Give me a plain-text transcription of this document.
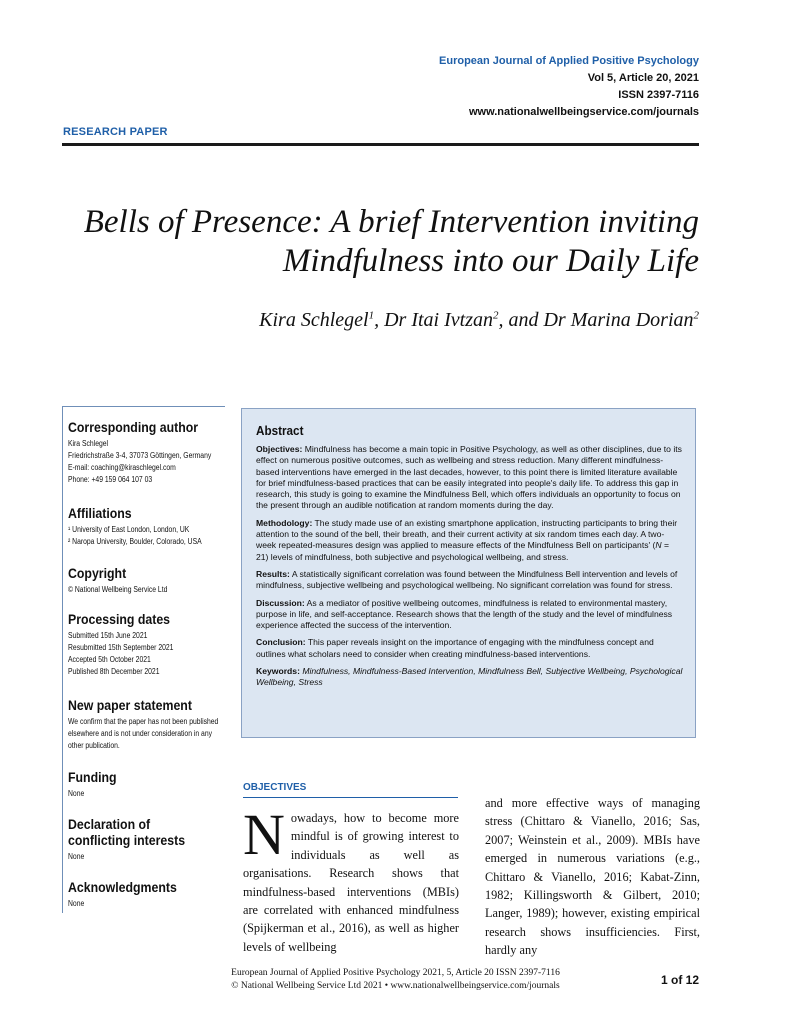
European Journal of Applied Positive Psychology
Vol 5, Article 20, 2021
ISSN 2397-7116
www.nationalwellbeingservice.com/journals
RESEARCH PAPER
Bells of Presence: A brief Intervention inviting
Mindfulness into our Daily Life
Kira Schlegel$^1$, Dr Itai Ivtzan$^2$, and Dr Marina Dorian$^2$
Corresponding author
Kira Schlegel
Friedrichstraße 3-4, 37073 Göttingen, Germany
E-mail: coaching@kiraschlegel.com
Phone: +49 159 064 107 03
Affiliations
¹ University of East London, London, UK
² Naropa University, Boulder, Colorado, USA
Copyright
© National Wellbeing Service Ltd
Processing dates
Submitted 15th June 2021
Resubmitted 15th September 2021
Accepted 5th October 2021
Published 8th December 2021
New paper statement
We confirm that the paper has not been published
elsewhere and is not under consideration in any
other publication.
Funding
None
Declaration of
conflicting interests
None
Acknowledgments
None
Abstract

Objectives: Mindfulness has become a main topic in Positive Psychology, as well as other disciplines, due to its effect on numerous positive outcomes, such as wellbeing and stress reduction. Many different mindfulness-based interventions have emerged in the last decades, however, to this point there is limited literature available for brief mindfulness-based practices that can be easily integrated into people's daily life. To address this gap in research, this study is going to examine the Mindfulness Bell, which offers individuals an opportunity to focus on the present through an audible notification at random moments during the day.

Methodology: The study made use of an existing smartphone application, instructing participants to bring their attention to the sound of the bell, their breath, and their current activity at six random times each day. A two-week repeated-measures design was applied to measure effects of the Mindfulness Bell on participants' (N = 21) levels of mindfulness, both subjective and psychological wellbeing, and stress.

Results: A statistically significant correlation was found between the Mindfulness Bell intervention and levels of mindfulness, subjective wellbeing and psychological wellbeing. No significant correlation was found for stress.

Discussion: As a mediator of positive wellbeing outcomes, mindfulness is related to environmental mastery, purpose in life, and self-acceptance. Research shows that the length of the study and the level of mindfulness experience affected the success of the intervention.

Conclusion: This paper reveals insight on the importance of engaging with the mindfulness concept and outlines what scholars need to consider when creating mindfulness-based interventions.

Keywords: Mindfulness, Mindfulness-Based Intervention, Mindfulness Bell, Subjective Wellbeing, Psychological Wellbeing, Stress

OBJECTIVES
Nowadays, how to become more mindful is of growing interest to individuals as well as organisations. Research shows that mindfulness-based interventions (MBIs) are correlated with enhanced mindfulness (Spijkerman et al., 2016), as well as higher levels of wellbeing
and more effective ways of managing stress (Chittaro & Vianello, 2016; Sas, 2007; Weinstein et al., 2009). MBIs have emerged in numerous variations (e.g., Chittaro & Vianello, 2016; Kabat-Zinn, 1982; Killingsworth & Gilbert, 2010; Langer, 1989); however, existing empirical research shows insufficiencies. First, hardly any
European Journal of Applied Positive Psychology 2021, 5, Article 20 ISSN 2397-7116
© National Wellbeing Service Ltd 2021 • www.nationalwellbeingservice.com/journals	1 of 12
